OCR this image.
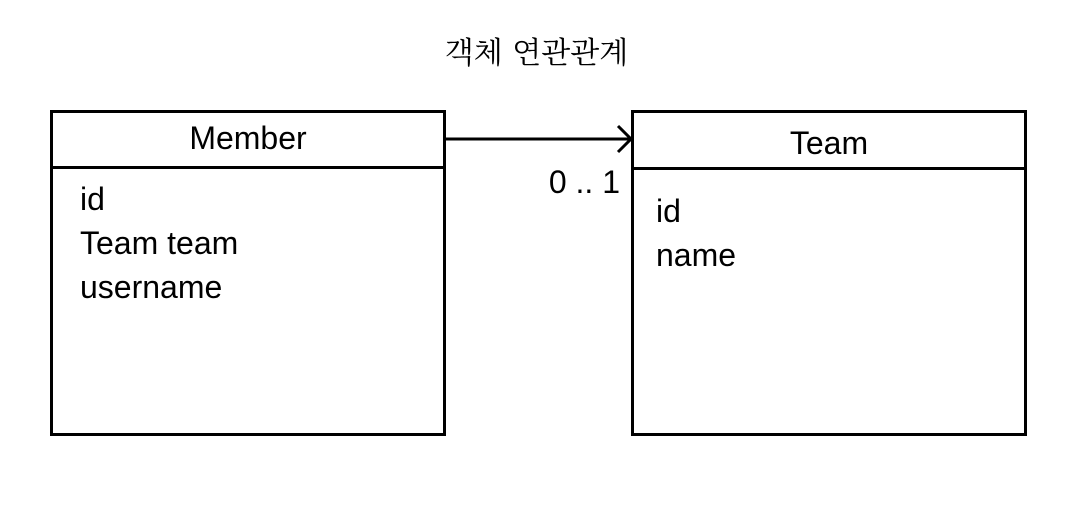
객체 연관관계
Member
id
Team team
username
Team
id
name
0 .. 1
